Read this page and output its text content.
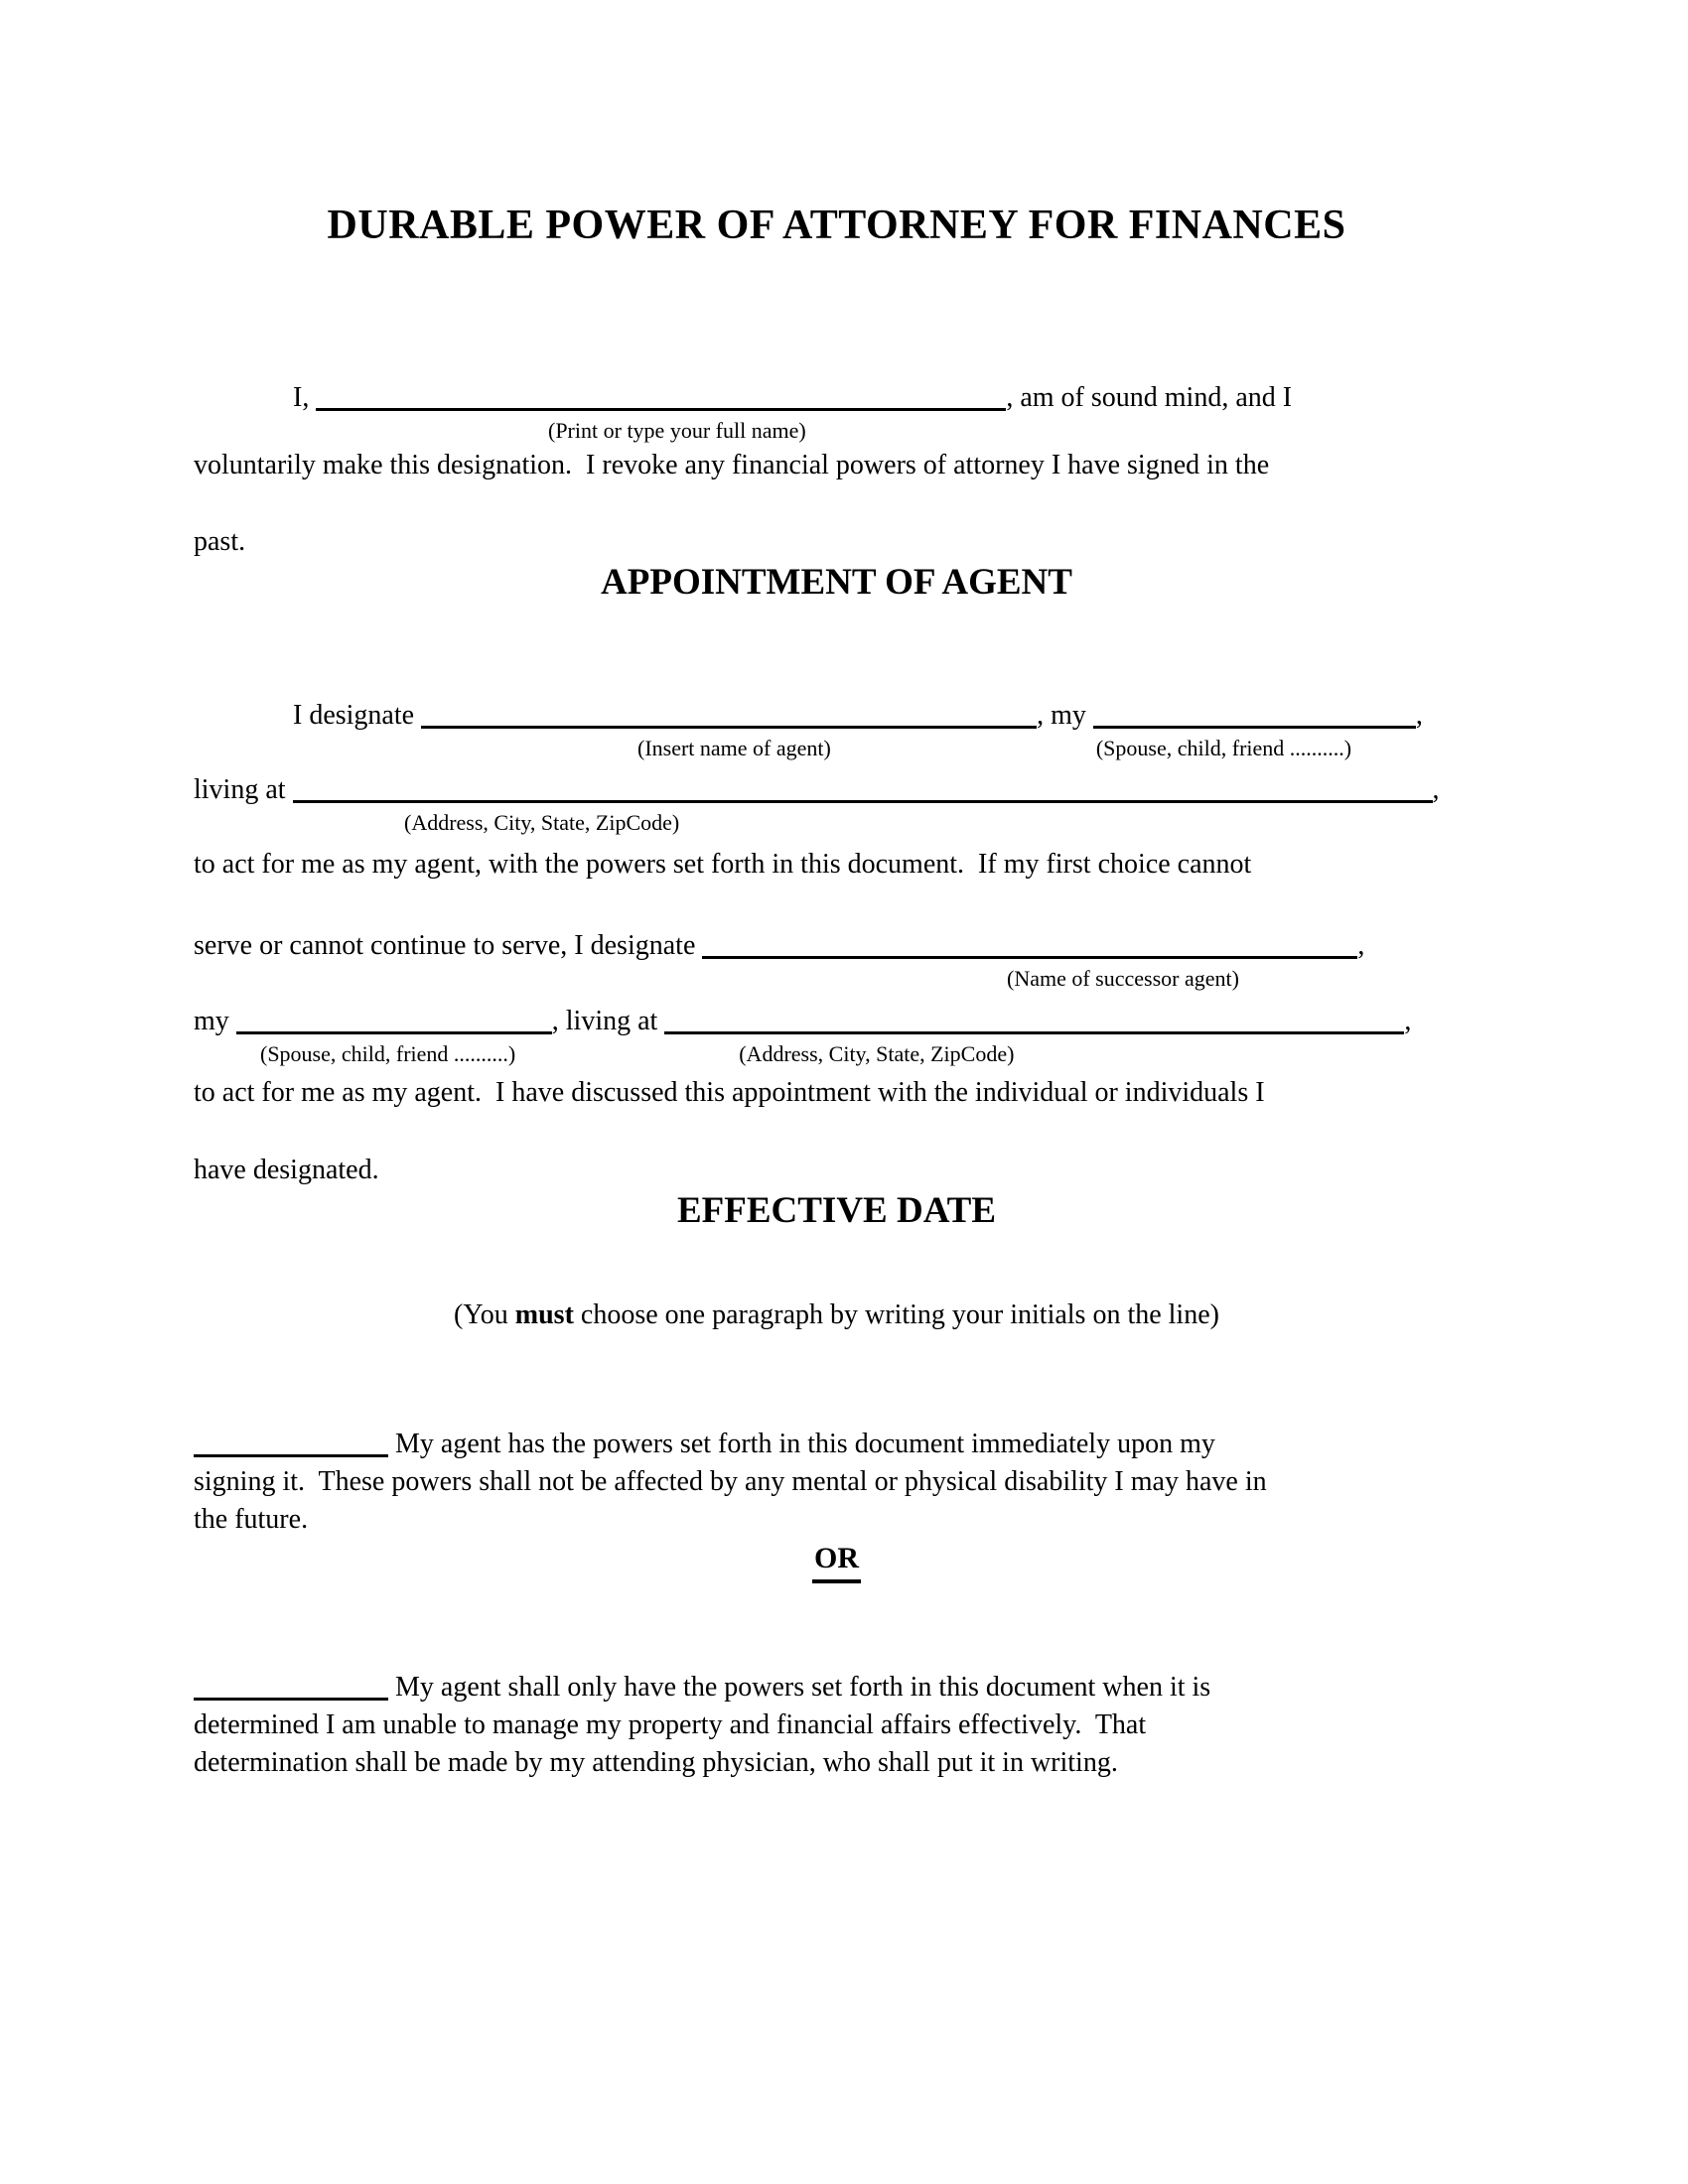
DURABLE POWER OF ATTORNEY FOR FINANCES
I,	, am of sound mind, and I
(Print or type your full name)
voluntarily make this designation.  I revoke any financial powers of attorney I have signed in the
past.
APPOINTMENT OF AGENT
I designate	, my	,
(Insert name of agent)	(Spouse, child, friend ..........)
living at	,
(Address, City, State, ZipCode)
to act for me as my agent, with the powers set forth in this document.  If my first choice cannot
serve or cannot continue to serve, I designate	,
(Name of successor agent)
my	, living at	,
(Spouse, child, friend ..........)	(Address, City, State, ZipCode)
to act for me as my agent.  I have discussed this appointment with the individual or individuals I
have designated.
EFFECTIVE DATE
(You must choose one paragraph by writing your initials on the line)
My agent has the powers set forth in this document immediately upon my
signing it.  These powers shall not be affected by any mental or physical disability I may have in
the future.
OR
My agent shall only have the powers set forth in this document when it is
determined I am unable to manage my property and financial affairs effectively.  That
determination shall be made by my attending physician, who shall put it in writing.
